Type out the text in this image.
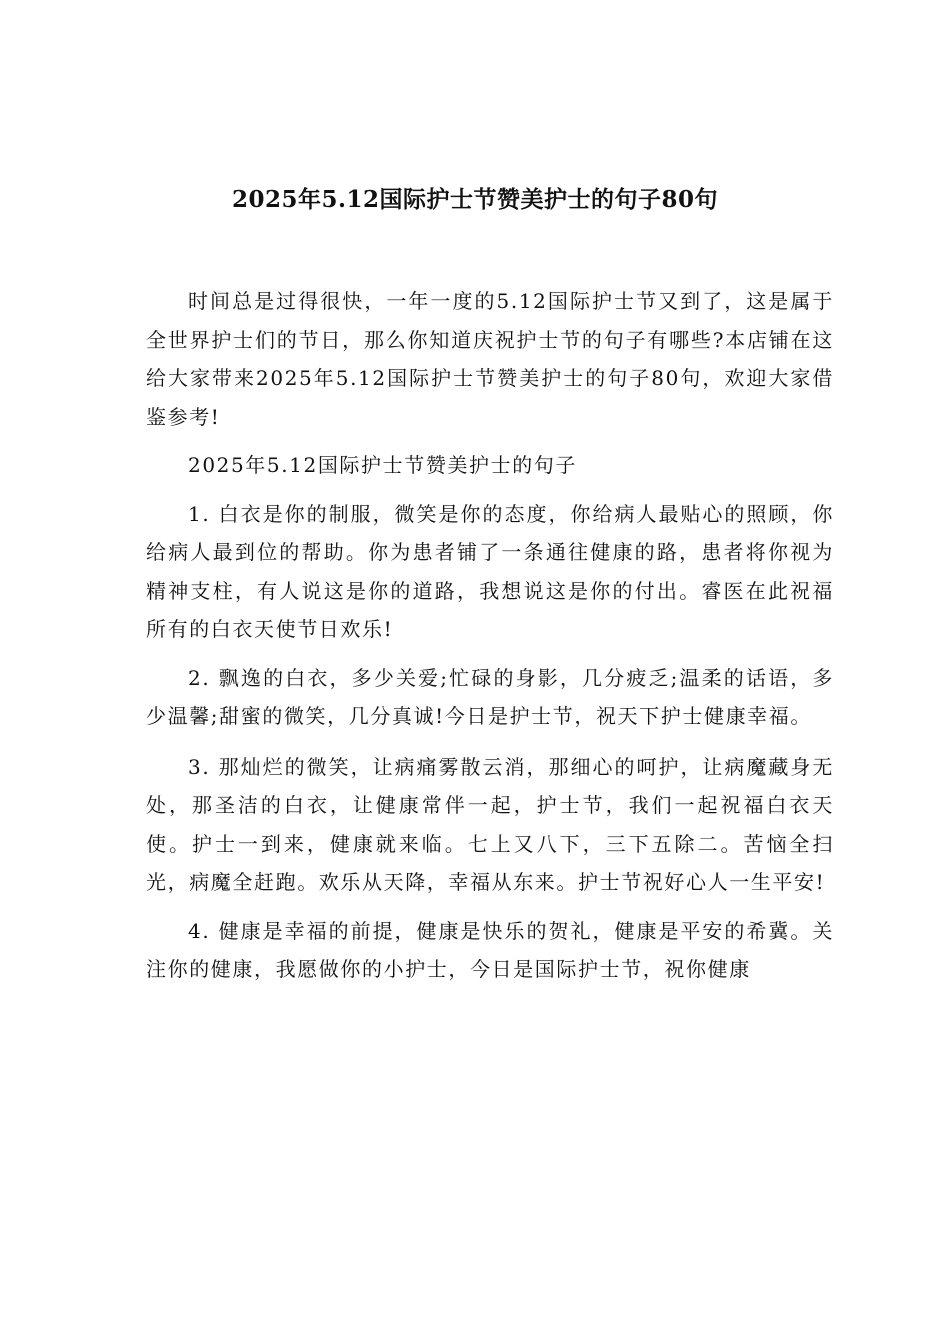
2025年5.12国际护士节赞美护士的句子80句

时间总是过得很快，一年一度的5.12国际护士节又到了，这是属于全世界护士们的节日，那么你知道庆祝护士节的句子有哪些?本店铺在这给大家带来2025年5.12国际护士节赞美护士的句子80句，欢迎大家借鉴参考!

2025年5.12国际护士节赞美护士的句子

1. 白衣是你的制服，微笑是你的态度，你给病人最贴心的照顾，你给病人最到位的帮助。你为患者铺了一条通往健康的路，患者将你视为精神支柱，有人说这是你的道路，我想说这是你的付出。睿医在此祝福所有的白衣天使节日欢乐!

2. 飘逸的白衣，多少关爱;忙碌的身影，几分疲乏;温柔的话语，多少温馨;甜蜜的微笑，几分真诚!今日是护士节，祝天下护士健康幸福。

3. 那灿烂的微笑，让病痛雾散云消，那细心的呵护，让病魔藏身无处，那圣洁的白衣，让健康常伴一起，护士节，我们一起祝福白衣天使。护士一到来，健康就来临。七上又八下，三下五除二。苦恼全扫光，病魔全赶跑。欢乐从天降，幸福从东来。护士节祝好心人一生平安!

4. 健康是幸福的前提，健康是快乐的贺礼，健康是平安的希冀。关注你的健康，我愿做你的小护士，今日是国际护士节，祝你健康
